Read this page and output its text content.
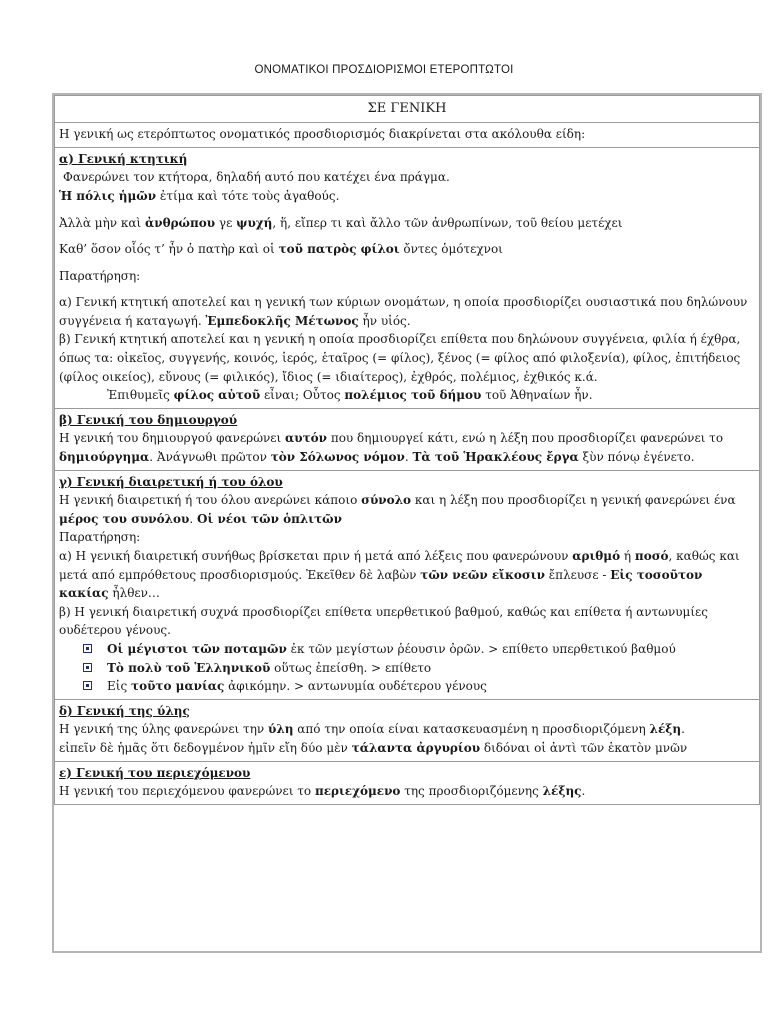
ΟΝΟΜΑΤΙΚΟΙ ΠΡΟΣΔΙΟΡΙΣΜΟΙ ΕΤΕΡΟΠΤΩΤΟΙ
ΣΕ ΓΕΝΙΚΗ
Η γενική ως ετερόπτωτος ονοματικός προσδιορισμός διακρίνεται στα ακόλουθα είδη:

α) Γενική κτητική

Φανερώνει τον κτήτορα, δηλαδή αυτό που κατέχει ένα πράγμα.

Ἡ πόλις ἡμῶν ἐτίμα καὶ τότε τοὺς ἀγαθούς.

Ἀλλὰ μὴν καὶ ἀνθρώπου γε ψυχή, ἥ, εἴπερ τι καὶ ἄλλο τῶν ἀνθρωπίνων, τοῦ θείου μετέχει

Καθ’ ὅσον οἷός τ’ ἦν ὁ πατὴρ καὶ οἱ τοῦ πατρὸς φίλοι ὄντες ὁμότεχνοι

Παρατήρηση:

α) Γενική κτητική αποτελεί και η γενική των κύριων ονομάτων, η οποία προσδιορίζει ουσιαστικά που δηλώνουν συγγένεια ή καταγωγή. Ἐμπεδοκλῆς Μέτωνος ἦν υἱός.

β) Γενική κτητική αποτελεί και η γενική η οποία προσδιορίζει επίθετα που δηλώνουν συγγένεια, φιλία ή έχθρα, όπως τα: οἰκεῖος, συγγενής, κοινός, ἱερός, ἑταῖρος (= φίλος), ξένος (= φίλος από φιλοξενία), φίλος, ἐπιτήδειος (φίλος οικείος), εὔνους (= φιλικός), ἴδιος (= ιδιαίτερος), ἐχθρός, πολέμιος, ἐχθικός κ.ά.

Ἐπιθυμεῖς φίλος αὐτοῦ εἶναι; Οὗτος πολέμιος τοῦ δήμου τοῦ Ἀθηναίων ἦν.

β) Γενική του δημιουργού

Η γενική του δημιουργού φανερώνει αυτόν που δημιουργεί κάτι, ενώ η λέξη που προσδιορίζει φανερώνει το δημιούργημα. Ἀνάγνωθι πρῶτον τὸν Σόλωνος νόμον. Τὰ τοῦ Ἡρακλέους ἔργα ξὺν πόνῳ ἐγένετο.

γ) Γενική διαιρετική ή του όλου

Η γενική διαιρετική ή του όλου ανερώνει κάποιο σύνολο και η λέξη που προσδιορίζει η γενική φανερώνει ένα μέρος του συνόλου. Οἱ νέοι τῶν ὁπλιτῶν

Παρατήρηση:

α) Η γενική διαιρετική συνήθως βρίσκεται πριν ή μετά από λέξεις που φανερώνουν αριθμό ή ποσό, καθώς και μετά από εμπρόθετους προσδιορισμούς. Ἐκεῖθεν δὲ λαβὼν τῶν νεῶν εἴκοσιν ἔπλευσε - Εἰς τοσοῦτον κακίας ἦλθεν…

β) Η γενική διαιρετική συχνά προσδιορίζει επίθετα υπερθετικού βαθμού, καθώς και επίθετα ή αντωνυμίες ουδέτερου γένους.

Οἱ μέγιστοι τῶν ποταμῶν ἐκ τῶν μεγίστων ῥέουσιν ὀρῶν. > επίθετο υπερθετικού βαθμού
Τὸ πολὺ τοῦ Ἑλληνικοῦ οὕτως ἐπείσθη. > επίθετο
Εἰς τοῦτο μανίας ἀφικόμην. > αντωνυμία ουδέτερου γένους

δ) Γενική της ύλης

Η γενική της ύλης φανερώνει την ύλη από την οποία είναι κατασκευασμένη η προσδιοριζόμενη λέξη.

εἰπεῖν δὲ ἡμᾶς ὅτι δεδογμένον ἡμῖν εἴη δύο μὲν τάλαντα ἀργυρίου διδόναι οἱ ἀντὶ τῶν ἑκατὸν μνῶν

ε) Γενική του περιεχόμενου

Η γενική του περιεχόμενου φανερώνει το περιεχόμενο της προσδιοριζόμενης λέξης.
